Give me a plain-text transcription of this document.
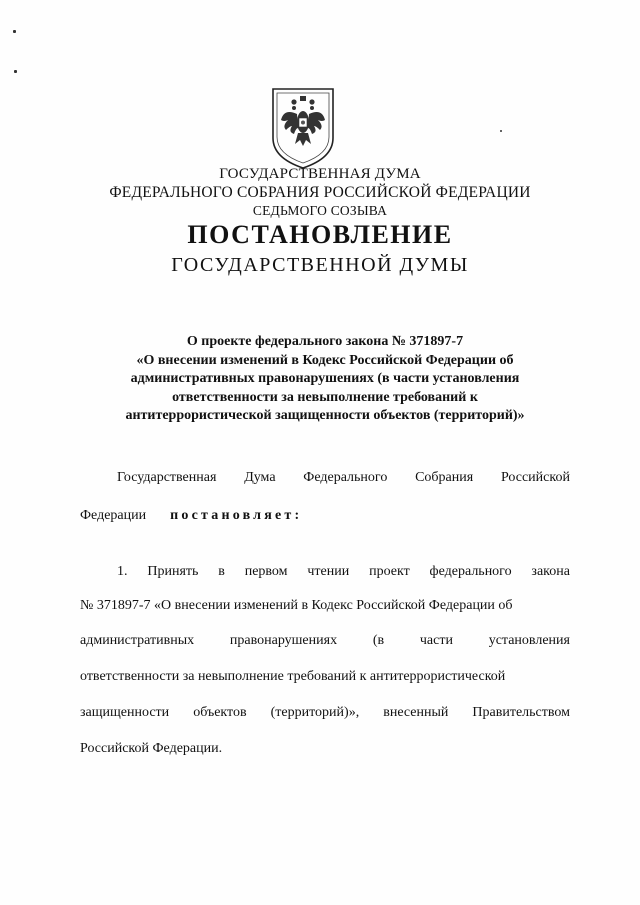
ГОСУДАРСТВЕННАЯ ДУМА
ФЕДЕРАЛЬНОГО СОБРАНИЯ РОССИЙСКОЙ ФЕДЕРАЦИИ
СЕДЬМОГО СОЗЫВА
ПОСТАНОВЛЕНИЕ
ГОСУДАРСТВЕННОЙ ДУМЫ
О проекте федерального закона № 371897-7
«О внесении изменений в Кодекс Российской Федерации об
административных правонарушениях (в части установления
ответственности за невыполнение требований к
антитеррористической защищенности объектов (территорий)»
Государственная Дума Федерального Собрания Российской
Федерации постановляет:
1. Принять в первом чтении проект федерального закона
№ 371897-7 «О внесении изменений в Кодекс Российской Федерации об
административных	правонарушениях	(в	части	установления
ответственности за невыполнение требований к антитеррористической
защищенности объектов (территорий)», внесенный Правительством
Российской Федерации.
